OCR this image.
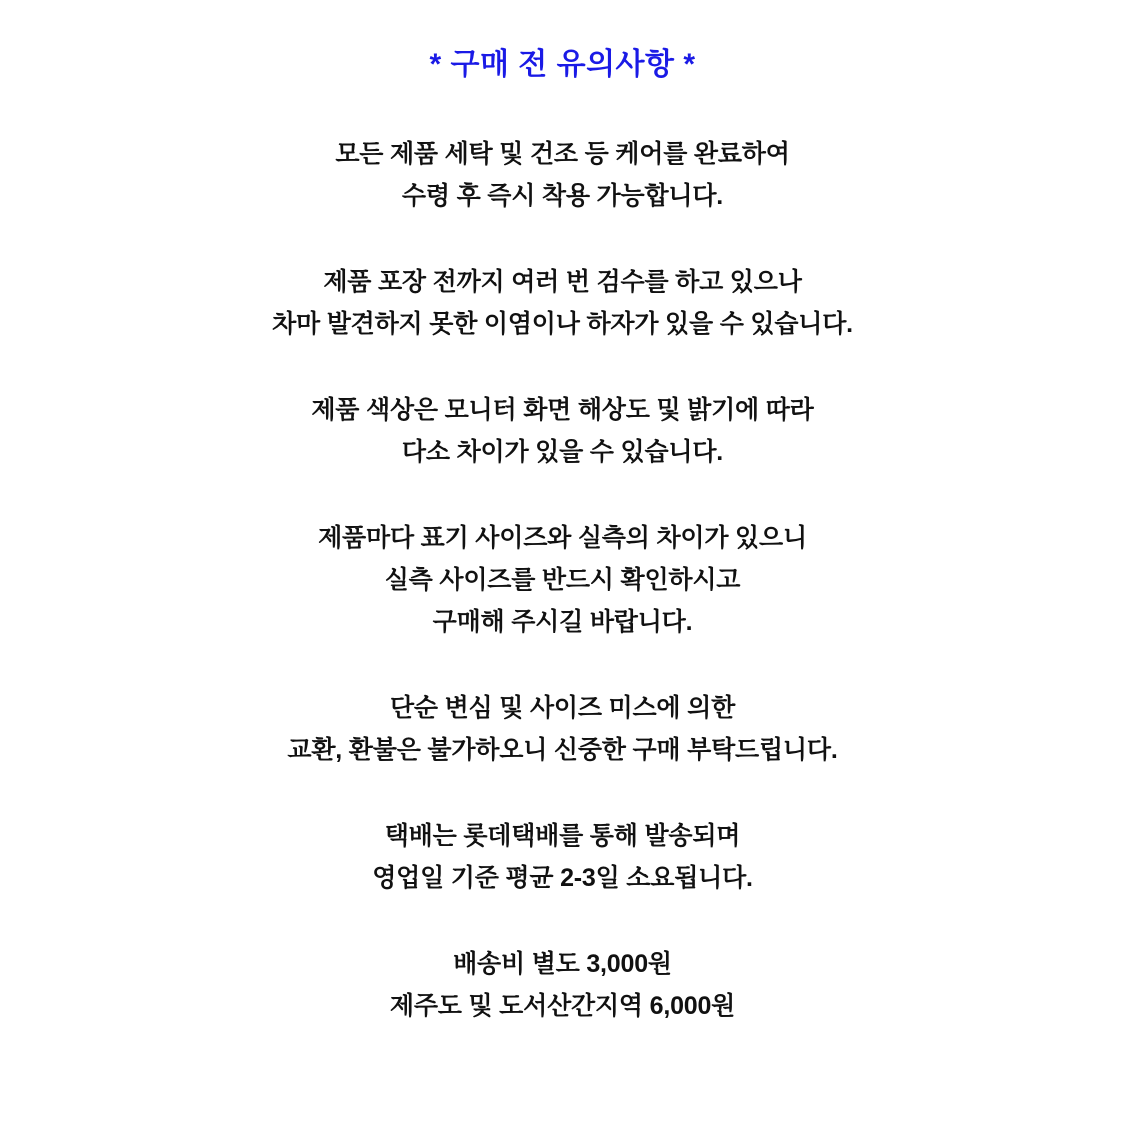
* 구매 전 유의사항 *

모든 제품 세탁 및 건조 등 케어를 완료하여
수령 후 즉시 착용 가능합니다.

제품 포장 전까지 여러 번 검수를 하고 있으나
차마 발견하지 못한 이염이나 하자가 있을 수 있습니다.

제품 색상은 모니터 화면 해상도 및 밝기에 따라
다소 차이가 있을 수 있습니다.

제품마다 표기 사이즈와 실측의 차이가 있으니
실측 사이즈를 반드시 확인하시고
구매해 주시길 바랍니다.

단순 변심 및 사이즈 미스에 의한
교환, 환불은 불가하오니 신중한 구매 부탁드립니다.

택배는 롯데택배를 통해 발송되며
영업일 기준 평균 2-3일 소요됩니다.

배송비 별도 3,000원
제주도 및 도서산간지역 6,000원
